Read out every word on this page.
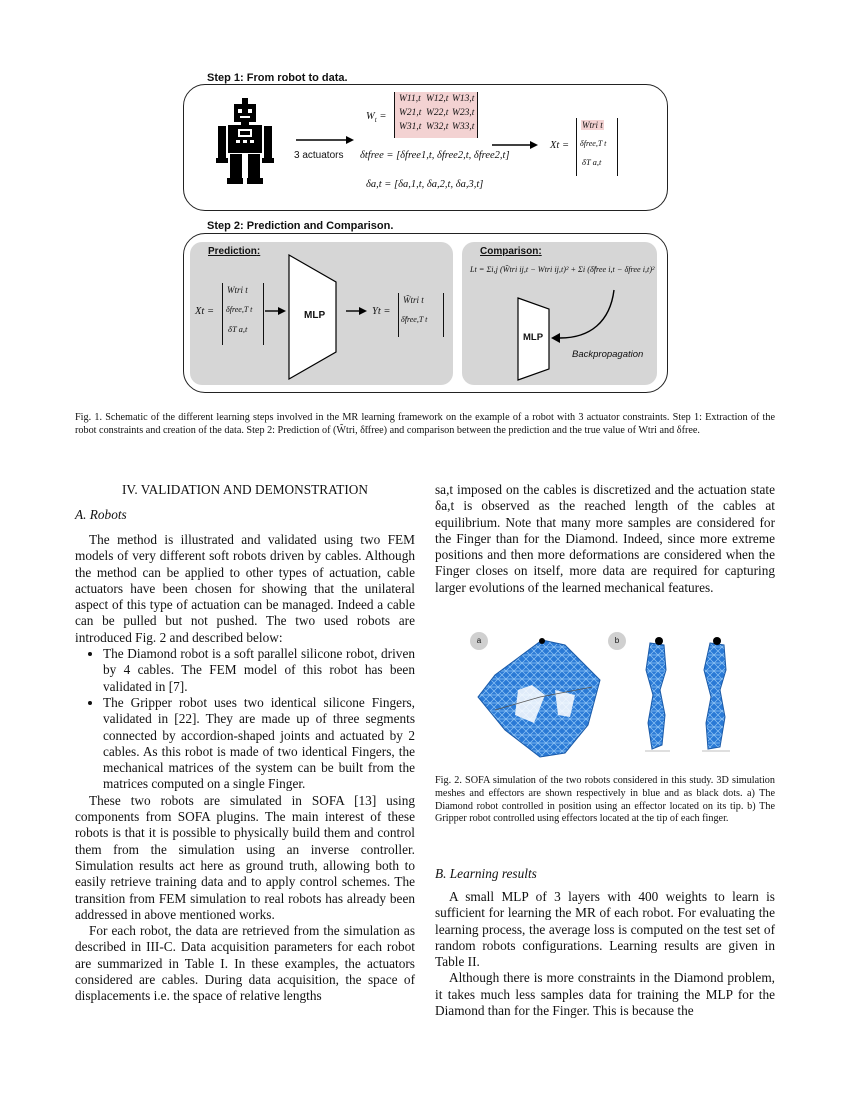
Step 1: From robot to data.
3 actuators
$W_t$ =
W11,t W12,t W13,t
W21,t W22,t W23,t
W31,t W32,t W33,t
δtfree = [δfree1,t, δfree2,t, δfree2,t]
δa,t = [δa,1,t, δa,2,t, δa,3,t]
Xt =
Wtri t
δfree,T t
δT a,t
Step 2: Prediction and Comparison.
Prediction:
Xt =
Wtri t
δfree,T t
δT a,t
MLP	Yt =
W̃tri t
δ̃free,T t
Comparison:
Lt = Σi,j (W̃tri ij,t − Wtri ij,t)² + Σi (δ̃free i,t − δfree i,t)²
MLP
Backpropagation
Fig. 1. Schematic of the different learning steps involved in the MR learning framework on the example of a robot with 3 actuator constraints. Step 1: Extraction of the robot constraints and creation of the data. Step 2: Prediction of (W̃tri, δ̃tfree) and comparison between the prediction and the true value of Wtri and δfree.
IV. VALIDATION AND DEMONSTRATION
A. Robots

The method is illustrated and validated using two FEM models of very different soft robots driven by cables. Although the method can be applied to other types of actuation, cable actuators have been chosen for showing that the unilateral aspect of this type of actuation can be managed. Indeed a cable can be pulled but not pushed. The two used robots are introduced Fig. 2 and described below:

• The Diamond robot is a soft parallel silicone robot, driven by 4 cables. The FEM model of this robot has been validated in [7].
• The Gripper robot uses two identical silicone Fingers, validated in [22]. They are made up of three segments connected by accordion-shaped joints and actuated by 2 cables. As this robot is made of two identical Fingers, the mechanical matrices of the system can be built from the matrices computed on a single Finger.

These two robots are simulated in SOFA [13] using components from SOFA plugins. The main interest of these robots is that it is possible to physically build them and control them from the simulation using an inverse controller. Simulation results act here as ground truth, allowing both to easily retrieve training data and to apply control schemes. The transition from FEM simulation to real robots has already been addressed in above mentioned works.

For each robot, the data are retrieved from the simulation as described in III-C. Data acquisition parameters for each robot are summarized in Table I. In these examples, the actuators considered are cables. During data acquisition, the space of displacements i.e. the space of relative lengths

sa,t imposed on the cables is discretized and the actuation state δa,t is observed as the reached length of the cables at equilibrium. Note that many more samples are considered for the Finger than for the Diamond. Indeed, since more extreme positions and then more deformations are considered when the Finger closes on itself, more data are required for capturing larger evolutions of the learned mechanical features.

a	b
Fig. 2. SOFA simulation of the two robots considered in this study. 3D simulation meshes and effectors are shown respectively in blue and as black dots. a) The Diamond robot controlled in position using an effector located on its tip. b) The Gripper robot controlled using effectors located at the tip of each finger.
B. Learning results

A small MLP of 3 layers with 400 weights to learn is sufficient for learning the MR of each robot. For evaluating the learning process, the average loss is computed on the test set of random robots configurations. Learning results are given in Table II.

Although there is more constraints in the Diamond problem, it takes much less samples data for training the MLP for the Diamond than for the Finger. This is because the
